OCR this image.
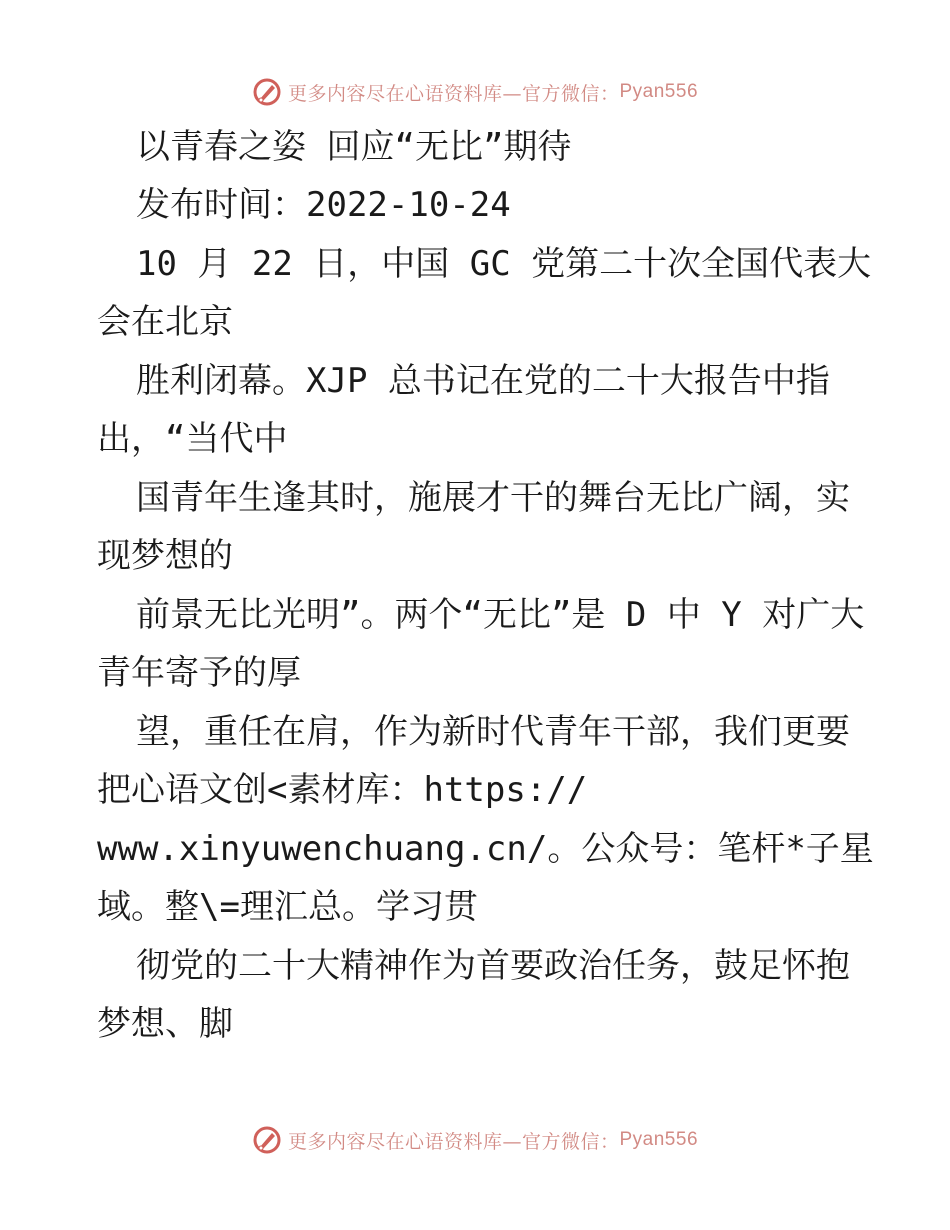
更多内容尽在心语资料库—官方微信： Pyan556

以青春之姿 回应“无比”期待

发布时间：2022-10-24

10 月 22 日，中国 GC 党第二十次全国代表大

会在北京

胜利闭幕。XJP 总书记在党的二十大报告中指

出，“当代中

国青年生逢其时，施展才干的舞台无比广阔，实

现梦想的

前景无比光明”。两个“无比”是 D 中 Y 对广大

青年寄予的厚

望，重任在肩，作为新时代青年干部，我们更要

把心语文创<素材库：https://

www.xinyuwenchuang.cn/。公众号：笔杆*子星

域。整\=理汇总。学习贯

彻党的二十大精神作为首要政治任务，鼓足怀抱

梦想、脚

更多内容尽在心语资料库—官方微信： Pyan556
